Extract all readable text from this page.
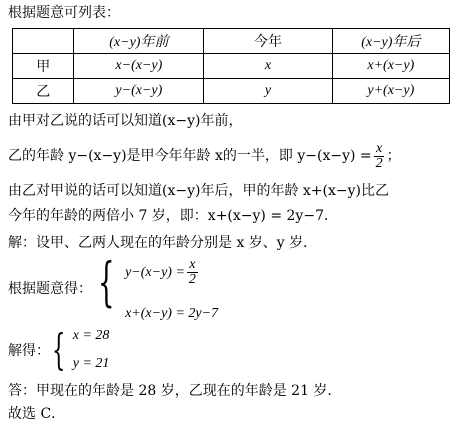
根据题意可列表：
	(x−y)年前	今年	(x−y)年后
甲	x−(x−y)	x	x+(x−y)
乙	y−(x−y)	y	y+(x−y)
由甲对乙说的话可以知道(x−y)年前，
乙的年龄 y−(x−y)是甲今年年龄 x的一半，即 $y-(x-y) = \frac{x}{2}$ ；
由乙对甲说的话可以知道(x−y)年后，甲的年龄 x+(x−y)比乙
今年的年龄的两倍小 7 岁，即：x+(x−y) = 2y−7．
解：设甲、乙两人现在的年龄分别是 x 岁、y 岁．
根据题意得： { $y-(x-y) = \frac{x}{2}$
x+(x−y) = 2y−7
解得： { x = 28
y = 21
答：甲现在的年龄是 28 岁，乙现在的年龄是 21 岁．
故选 C．
